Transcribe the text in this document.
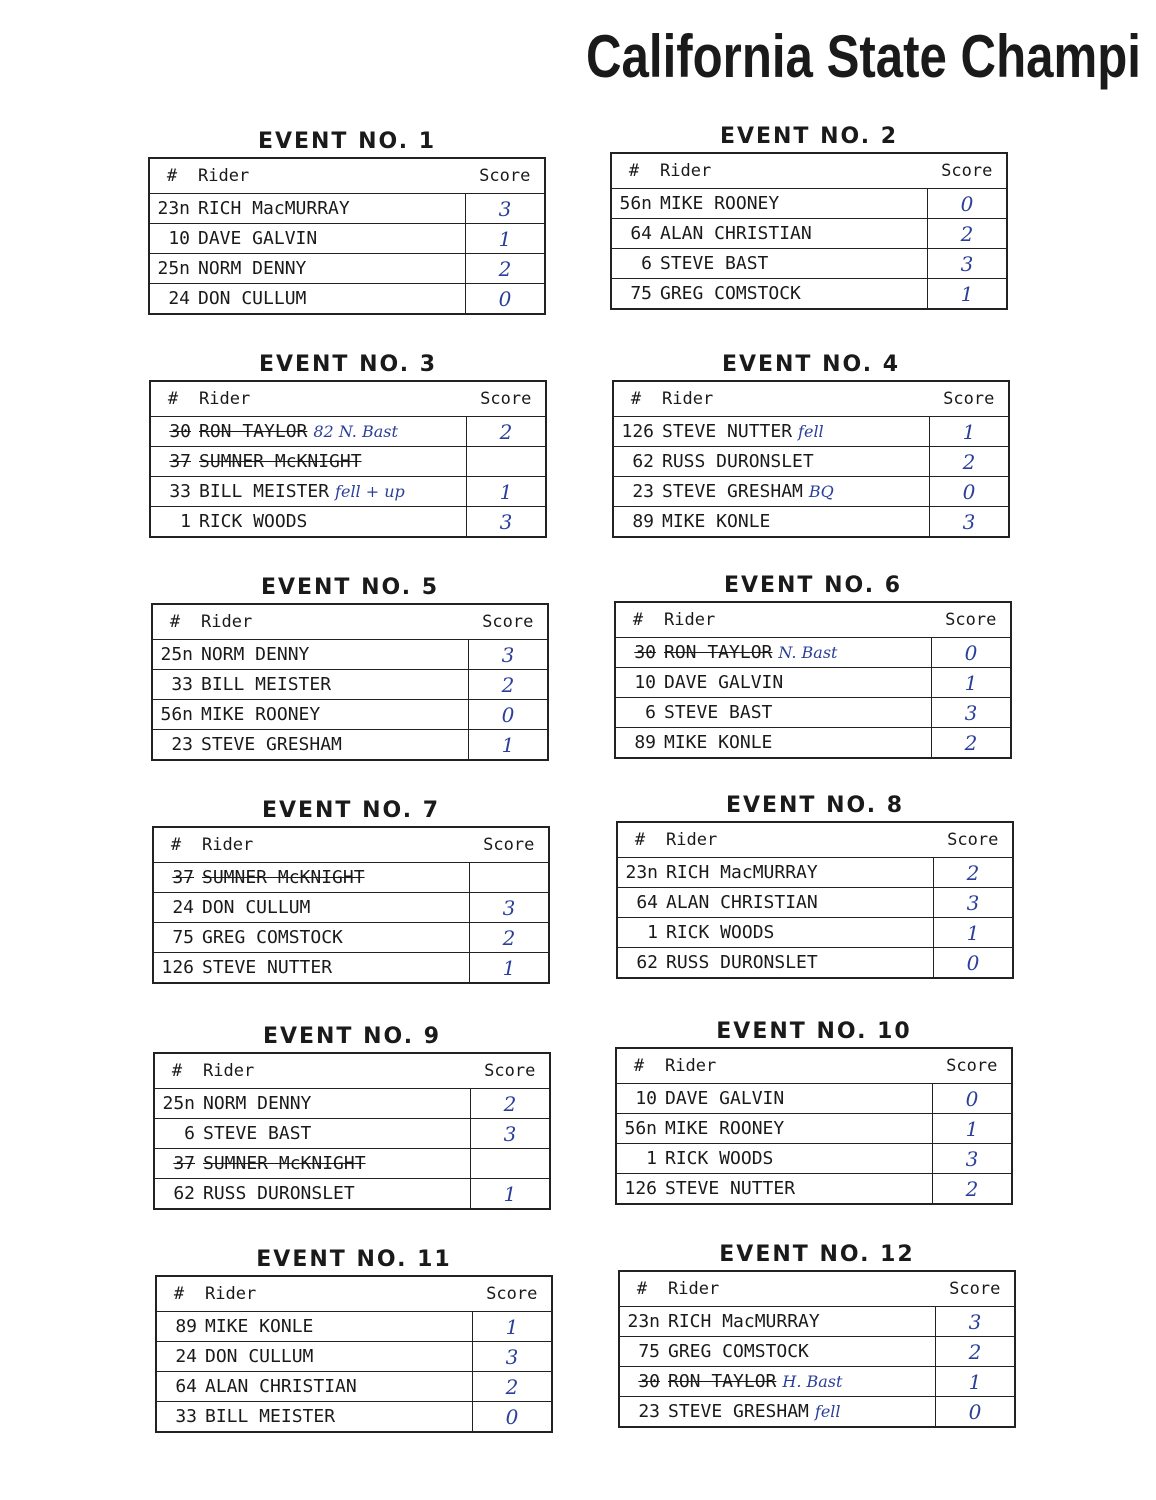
California State Champi
EVENT NO. 1
#	Rider	Score
23n	RICH MacMURRAY	3
10	DAVE GALVIN	1
25n	NORM DENNY	2
24	DON CULLUM	0
EVENT NO. 2
#	Rider	Score
56n	MIKE ROONEY	0
64	ALAN CHRISTIAN	2
6	STEVE BAST	3
75	GREG COMSTOCK	1
EVENT NO. 3
#	Rider	Score
30	RON TAYLOR 82 N. Bast	2
37	SUMNER McKNIGHT	
33	BILL MEISTER fell + up	1
1	RICK WOODS	3
EVENT NO. 4
#	Rider	Score
126	STEVE NUTTER fell	1
62	RUSS DURONSLET	2
23	STEVE GRESHAM BQ	0
89	MIKE KONLE	3
EVENT NO. 5
#	Rider	Score
25n	NORM DENNY	3
33	BILL MEISTER	2
56n	MIKE ROONEY	0
23	STEVE GRESHAM	1
EVENT NO. 6
#	Rider	Score
30	RON TAYLOR N. Bast	0
10	DAVE GALVIN	1
6	STEVE BAST	3
89	MIKE KONLE	2
EVENT NO. 7
#	Rider	Score
37	SUMNER McKNIGHT	
24	DON CULLUM	3
75	GREG COMSTOCK	2
126	STEVE NUTTER	1
EVENT NO. 8
#	Rider	Score
23n	RICH MacMURRAY	2
64	ALAN CHRISTIAN	3
1	RICK WOODS	1
62	RUSS DURONSLET	0
EVENT NO. 9
#	Rider	Score
25n	NORM DENNY	2
6	STEVE BAST	3
37	SUMNER McKNIGHT	
62	RUSS DURONSLET	1
EVENT NO. 10
#	Rider	Score
10	DAVE GALVIN	0
56n	MIKE ROONEY	1
1	RICK WOODS	3
126	STEVE NUTTER	2
EVENT NO. 11
#	Rider	Score
89	MIKE KONLE	1
24	DON CULLUM	3
64	ALAN CHRISTIAN	2
33	BILL MEISTER	0
EVENT NO. 12
#	Rider	Score
23n	RICH MacMURRAY	3
75	GREG COMSTOCK	2
30	RON TAYLOR H. Bast	1
23	STEVE GRESHAM fell	0
